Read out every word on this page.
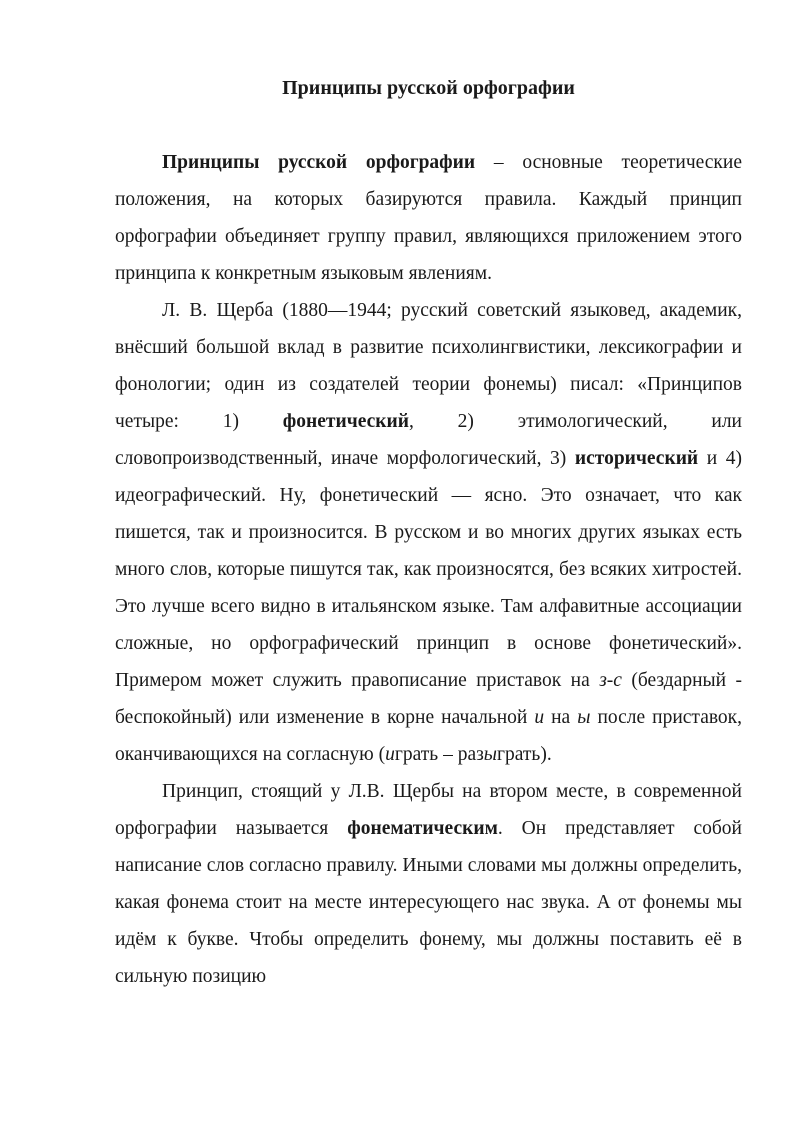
Принципы русской орфографии

Принципы русской орфографии – основные теоретические положения, на которых базируются правила. Каждый принцип орфографии объединяет группу правил, являющихся приложением этого принципа к конкретным языковым явлениям.

Л. В. Щерба (1880—1944; русский советский языковед, академик, внёсший большой вклад в развитие психолингвистики, лексикографии и фонологии; один из создателей теории фонемы) писал: «Принципов четыре: 1) фонетический, 2) этимологический, или словопроизводственный, иначе морфологический, 3) исторический и 4) идеографический. Ну, фонетический — ясно. Это означает, что как пишется, так и произносится. В русском и во многих других языках есть много слов, которые пишутся так, как произносятся, без всяких хитростей. Это лучше всего видно в итальянском языке. Там алфавитные ассоциации сложные, но орфографический принцип в основе фонетический». Примером может служить правописание приставок на з-с (бездарный - беспокойный) или изменение в корне начальной и на ы после приставок, оканчивающихся на согласную (играть – разыграть).

Принцип, стоящий у Л.В. Щербы на втором месте, в современной орфографии называется фонематическим. Он представляет собой написание слов согласно правилу. Иными словами мы должны определить, какая фонема стоит на месте интересующего нас звука. А от фонемы мы идём к букве. Чтобы определить фонему, мы должны поставить её в сильную позицию
